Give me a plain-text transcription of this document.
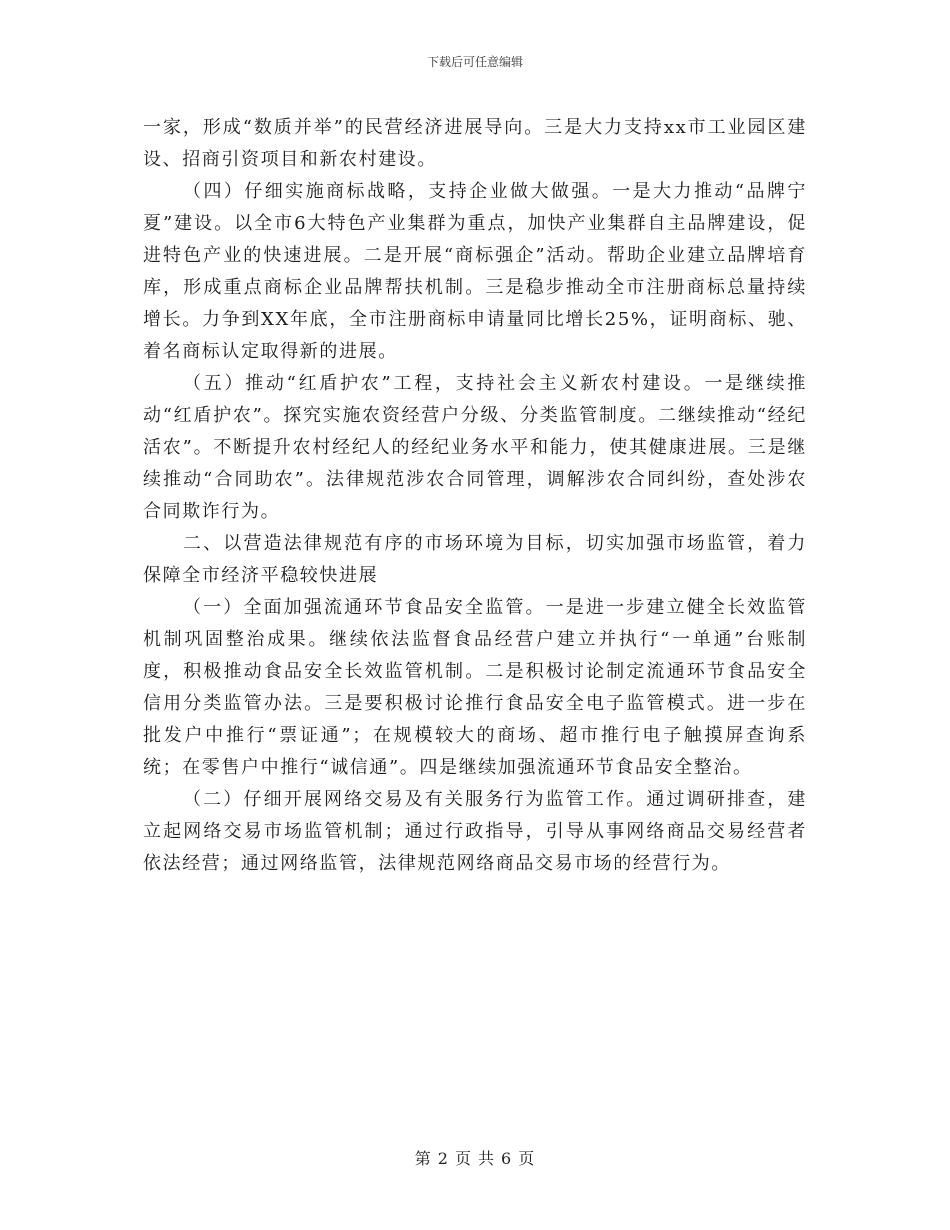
下载后可任意编辑

一家，形成“数质并举”的民营经济进展导向。三是大力支持xx市工业园区建设、招商引资项目和新农村建设。

（四）仔细实施商标战略，支持企业做大做强。一是大力推动“品牌宁夏”建设。以全市6大特色产业集群为重点，加快产业集群自主品牌建设，促进特色产业的快速进展。二是开展“商标强企”活动。帮助企业建立品牌培育库，形成重点商标企业品牌帮扶机制。三是稳步推动全市注册商标总量持续增长。力争到XX年底，全市注册商标申请量同比增长25%，证明商标、驰、着名商标认定取得新的进展。

（五）推动“红盾护农”工程，支持社会主义新农村建设。一是继续推动“红盾护农”。探究实施农资经营户分级、分类监管制度。二继续推动“经纪活农”。不断提升农村经纪人的经纪业务水平和能力，使其健康进展。三是继续推动“合同助农”。法律规范涉农合同管理，调解涉农合同纠纷，查处涉农合同欺诈行为。

二、以营造法律规范有序的市场环境为目标，切实加强市场监管，着力保障全市经济平稳较快进展

（一）全面加强流通环节食品安全监管。一是进一步建立健全长效监管机制巩固整治成果。继续依法监督食品经营户建立并执行“一单通”台账制度，积极推动食品安全长效监管机制。二是积极讨论制定流通环节食品安全信用分类监管办法。三是要积极讨论推行食品安全电子监管模式。进一步在批发户中推行“票证通”；在规模较大的商场、超市推行电子触摸屏查询系统；在零售户中推行“诚信通”。四是继续加强流通环节食品安全整治。

（二）仔细开展网络交易及有关服务行为监管工作。通过调研排查，建立起网络交易市场监管机制；通过行政指导，引导从事网络商品交易经营者依法经营；通过网络监管，法律规范网络商品交易市场的经营行为。

第 2 页 共 6 页
